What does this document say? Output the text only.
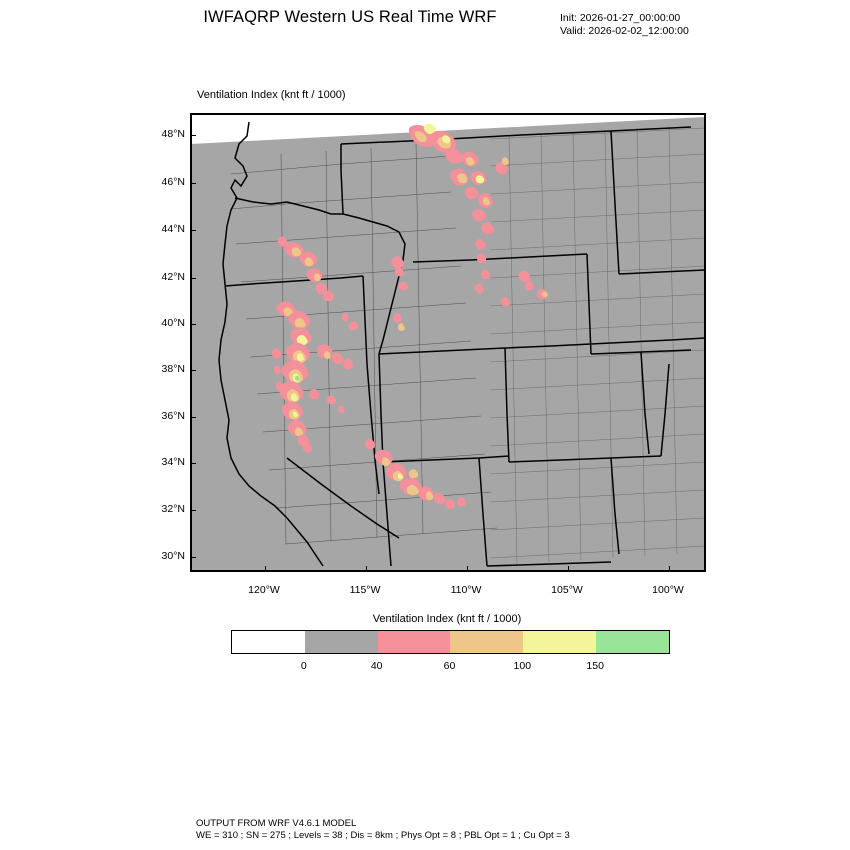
IWFAQRP Western US Real Time WRF	Init: 2026-01-27_00:00:00
Valid: 2026-02-02_12:00:00
Ventilation Index (knt ft / 1000)
48°N
46°N
44°N
42°N
40°N
38°N
36°N
34°N
32°N
30°N
120°W	115°W	110°W	105°W	100°W
Ventilation Index (knt ft / 1000)
0	40	60	100	150
OUTPUT FROM WRF V4.6.1 MODEL
WE = 310 ; SN = 275 ; Levels = 38 ; Dis = 8km ; Phys Opt = 8 ; PBL Opt = 1 ; Cu Opt = 3
